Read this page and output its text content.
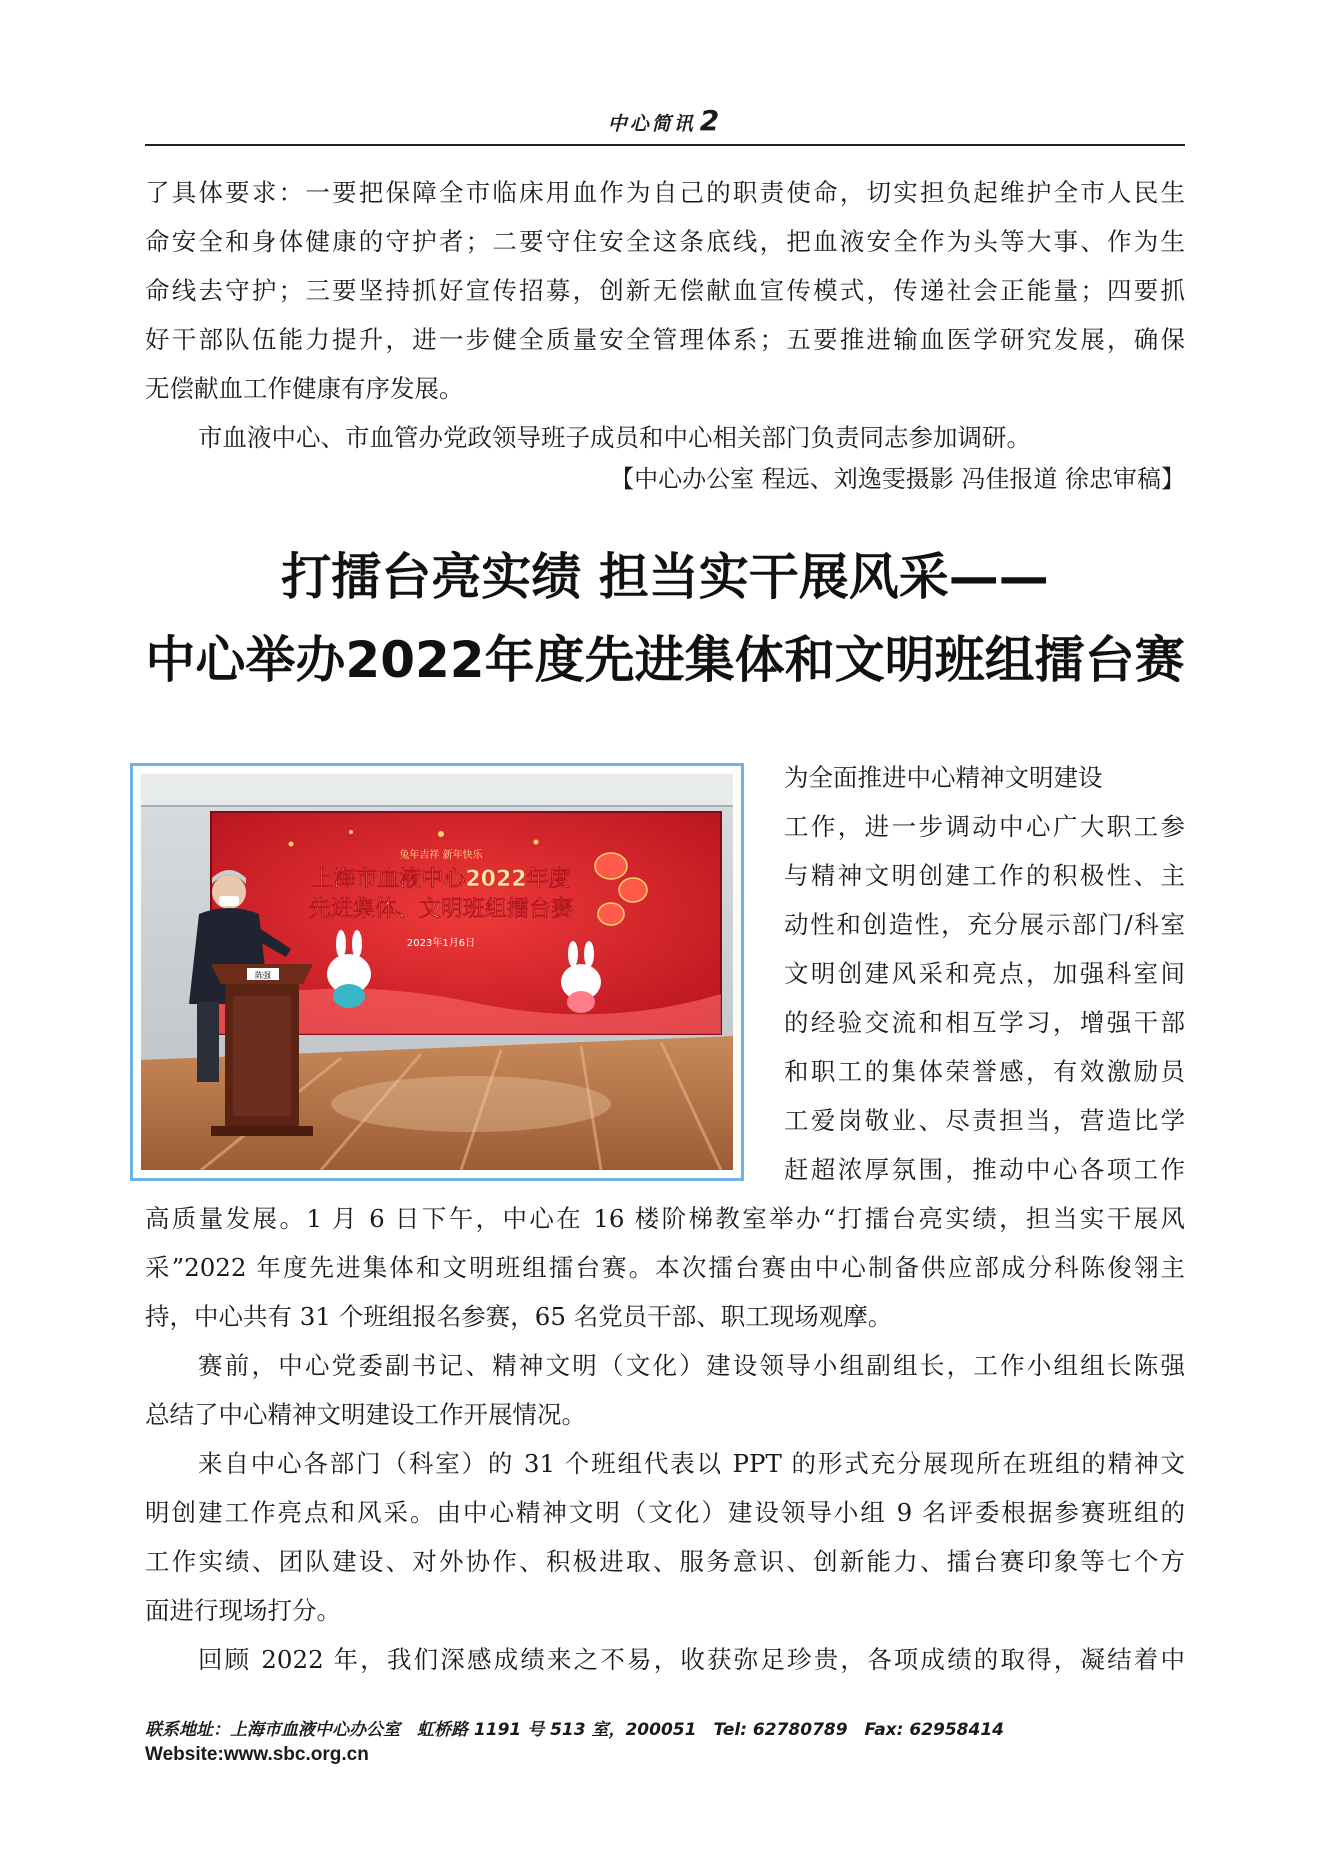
中心简讯 2

了具体要求：一要把保障全市临床用血作为自己的职责使命，切实担负起维护全市人民生

命安全和身体健康的守护者；二要守住安全这条底线，把血液安全作为头等大事、作为生

命线去守护；三要坚持抓好宣传招募，创新无偿献血宣传模式，传递社会正能量；四要抓

好干部队伍能力提升，进一步健全质量安全管理体系；五要推进输血医学研究发展，确保

无偿献血工作健康有序发展。

市血液中心、市血管办党政领导班子成员和中心相关部门负责同志参加调研。

【中心办公室 程远、刘逸雯摄影 冯佳报道 徐忠审稿】
打擂台亮实绩 担当实干展风采——
中心举办2022年度先进集体和文明班组擂台赛
兔年吉祥 新年快乐
上海市血液中心2022年度
先进集体、文明班组擂台赛
2023年1月6日
陈强

为全面推进中心精神文明建设

工作，进一步调动中心广大职工参

与精神文明创建工作的积极性、主

动性和创造性，充分展示部门/科室

文明创建风采和亮点，加强科室间

的经验交流和相互学习，增强干部

和职工的集体荣誉感，有效激励员

工爱岗敬业、尽责担当，营造比学

赶超浓厚氛围，推动中心各项工作

高质量发展。1 月 6 日下午，中心在 16 楼阶梯教室举办“打擂台亮实绩，担当实干展风

采”2022 年度先进集体和文明班组擂台赛。本次擂台赛由中心制备供应部成分科陈俊翎主

持，中心共有 31 个班组报名参赛，65 名党员干部、职工现场观摩。

赛前，中心党委副书记、精神文明（文化）建设领导小组副组长，工作小组组长陈强

总结了中心精神文明建设工作开展情况。

来自中心各部门（科室）的 31 个班组代表以 PPT 的形式充分展现所在班组的精神文

明创建工作亮点和风采。由中心精神文明（文化）建设领导小组 9 名评委根据参赛班组的

工作实绩、团队建设、对外协作、积极进取、服务意识、创新能力、擂台赛印象等七个方

面进行现场打分。

回顾 2022 年，我们深感成绩来之不易，收获弥足珍贵，各项成绩的取得，凝结着中

联系地址：上海市血液中心办公室　虹桥路 1191 号 513 室，200051　Tel: 62780789　Fax: 62958414
Website:www.sbc.org.cn
